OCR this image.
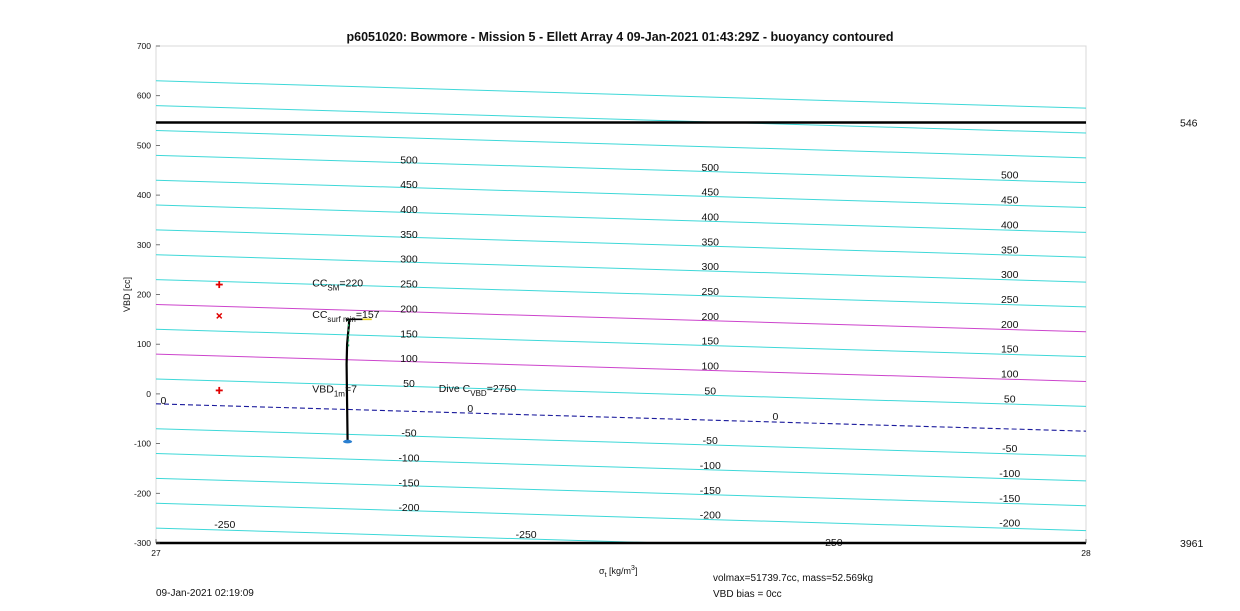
p6051020: Bowmore - Mission 5 - Ellett Array 4 09-Jan-2021 01:43:29Z - buoyancy contoured
500
450
400
350
300
250
200
150
100
50
0
-50
-100
-150
-200
-250
500
450
400
350
300
250
200
150
100
50
0
-50
-100
-150
-200
-250
500
450
400
350
300
250
200
150
100
50
0
-50
-100
-150
-200
-250
546
3961
700
600
500
400
300
200
100
0
-100
-200
-300
27	28
VBD [cc]
$\sigma_t$ $[kg/m^3]$
$CC_{SM}=220$
$CC_{surf min}=157$
$VBD_{1m}=7$	Dive $C_{VBD}=2750$
09-Jan-2021 02:19:09
volmax=51739.7cc, mass=52.569kg
VBD bias = 0cc
